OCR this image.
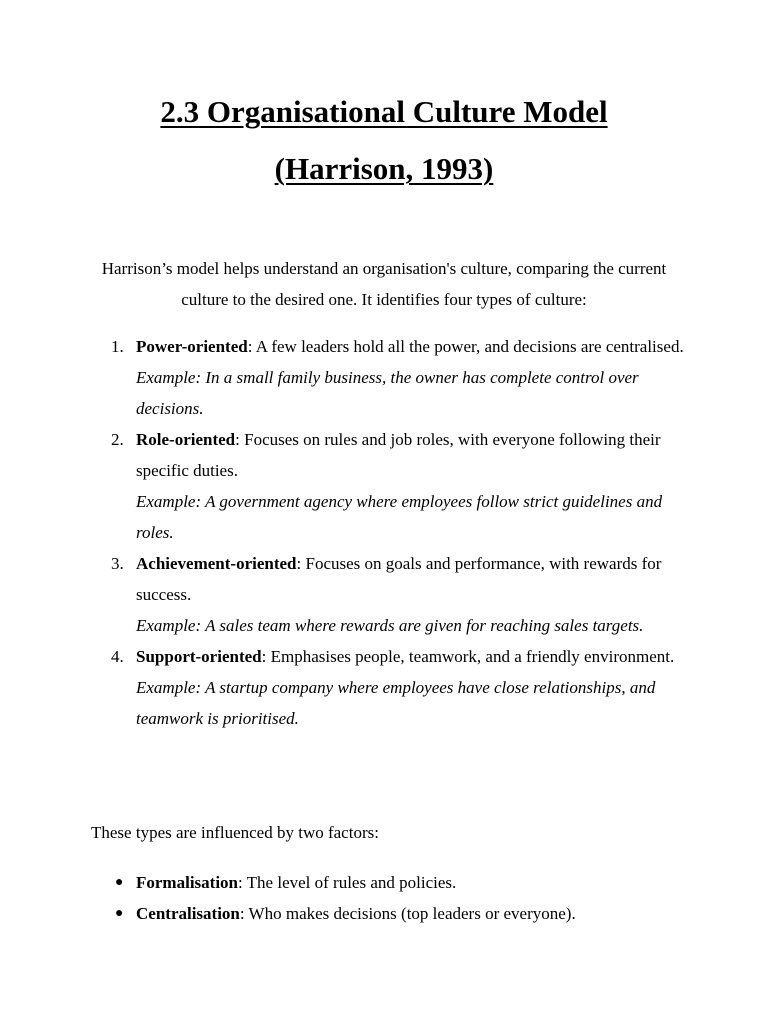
2.3 Organisational Culture Model
(Harrison, 1993)

Harrison’s model helps understand an organisation's culture, comparing the current culture to the desired one. It identifies four types of culture:

1. Power-oriented: A few leaders hold all the power, and decisions are centralised.
Example: In a small family business, the owner has complete control over decisions.
2. Role-oriented: Focuses on rules and job roles, with everyone following their specific duties.
Example: A government agency where employees follow strict guidelines and roles.
3. Achievement-oriented: Focuses on goals and performance, with rewards for success.
Example: A sales team where rewards are given for reaching sales targets.
4. Support-oriented: Emphasises people, teamwork, and a friendly environment.
Example: A startup company where employees have close relationships, and teamwork is prioritised.

These types are influenced by two factors:

● Formalisation: The level of rules and policies.
● Centralisation: Who makes decisions (top leaders or everyone).
